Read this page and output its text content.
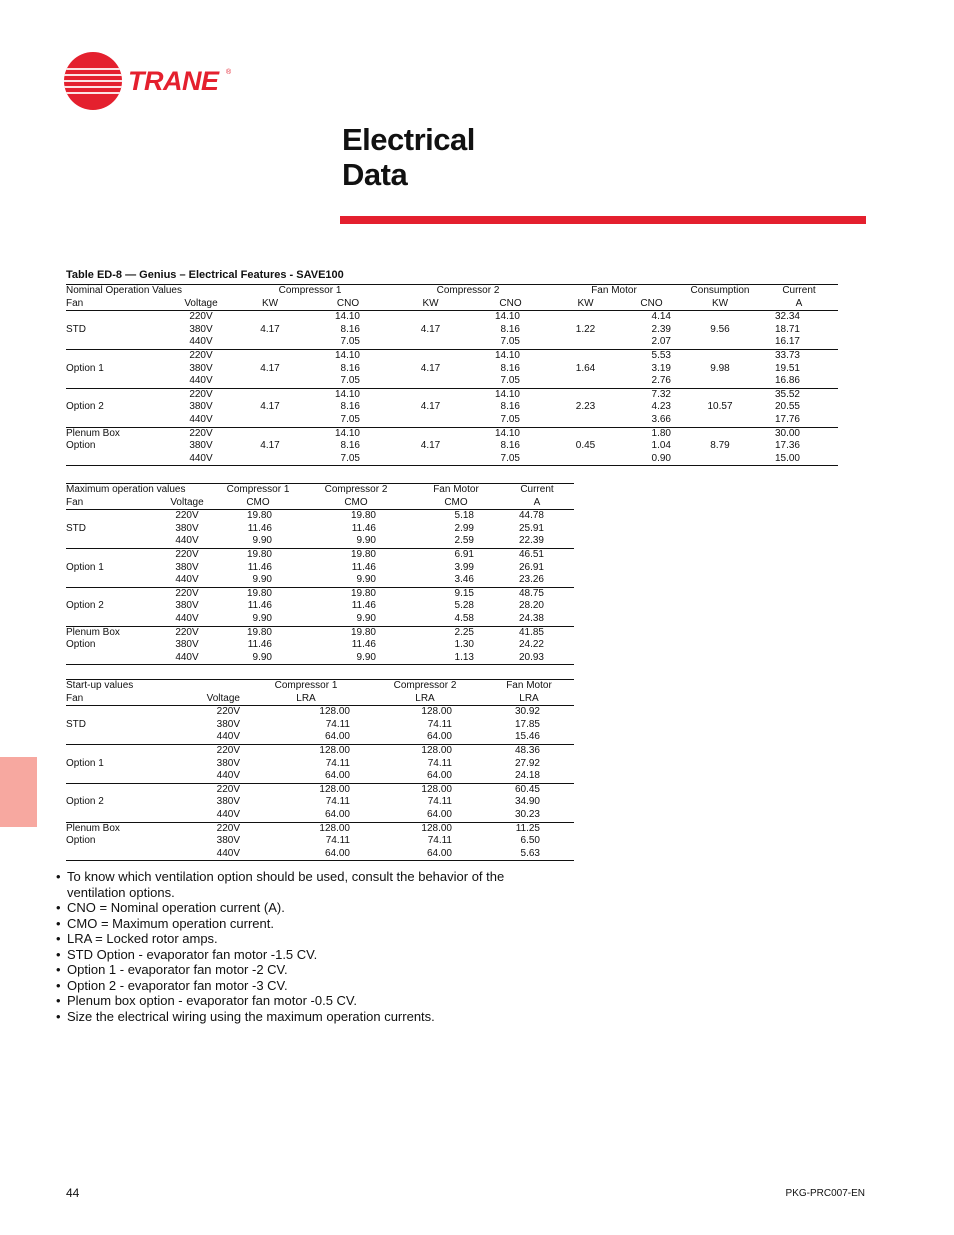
TRANE ®
Electrical
Data
Table ED-8 — Genius – Electrical Features - SAVE100
Nominal Operation Values		Compressor 1		Compressor 2		Fan Motor		Consumption	Current
Fan	Voltage	KW	CNO	KW	CNO	KW	CNO	KW	A
	220V		14.10		14.10		4.14		32.34
STD	380V	4.17	8.16	4.17	8.16	1.22	2.39	9.56	18.71
	440V		7.05		7.05		2.07		16.17
	220V		14.10		14.10		5.53		33.73
Option 1	380V	4.17	8.16	4.17	8.16	1.64	3.19	9.98	19.51
	440V		7.05		7.05		2.76		16.86
	220V		14.10		14.10		7.32		35.52
Option 2	380V	4.17	8.16	4.17	8.16	2.23	4.23	10.57	20.55
	440V		7.05		7.05		3.66		17.76
Plenum Box	220V		14.10		14.10		1.80		30.00
Option	380V	4.17	8.16	4.17	8.16	0.45	1.04	8.79	17.36
	440V		7.05		7.05		0.90		15.00
Maximum operation values		Compressor 1	Compressor 2	Fan Motor	Current
Fan	Voltage	CMO	CMO	CMO	A
	220V	19.80	19.80	5.18	44.78
STD	380V	11.46	11.46	2.99	25.91
	440V	9.90	9.90	2.59	22.39
	220V	19.80	19.80	6.91	46.51
Option 1	380V	11.46	11.46	3.99	26.91
	440V	9.90	9.90	3.46	23.26
	220V	19.80	19.80	9.15	48.75
Option 2	380V	11.46	11.46	5.28	28.20
	440V	9.90	9.90	4.58	24.38
Plenum Box	220V	19.80	19.80	2.25	41.85
Option	380V	11.46	11.46	1.30	24.22
	440V	9.90	9.90	1.13	20.93
Start-up values		Compressor 1	Compressor 2	Fan Motor
Fan	Voltage	LRA	LRA	LRA
	220V	128.00	128.00	30.92
STD	380V	74.11	74.11	17.85
	440V	64.00	64.00	15.46
	220V	128.00	128.00	48.36
Option 1	380V	74.11	74.11	27.92
	440V	64.00	64.00	24.18
	220V	128.00	128.00	60.45
Option 2	380V	74.11	74.11	34.90
	440V	64.00	64.00	30.23
Plenum Box	220V	128.00	128.00	11.25
Option	380V	74.11	74.11	6.50
	440V	64.00	64.00	5.63
• To know which ventilation option should be used, consult the behavior of the ventilation options.
• CNO = Nominal operation current (A).
• CMO = Maximum operation current.
• LRA = Locked rotor amps.
• STD Option - evaporator fan motor -1.5 CV.
• Option 1 - evaporator fan motor -2 CV.
• Option 2 - evaporator fan motor -3 CV.
• Plenum box option - evaporator fan motor -0.5 CV.
• Size the electrical wiring using the maximum operation currents.
44	PKG-PRC007-EN
